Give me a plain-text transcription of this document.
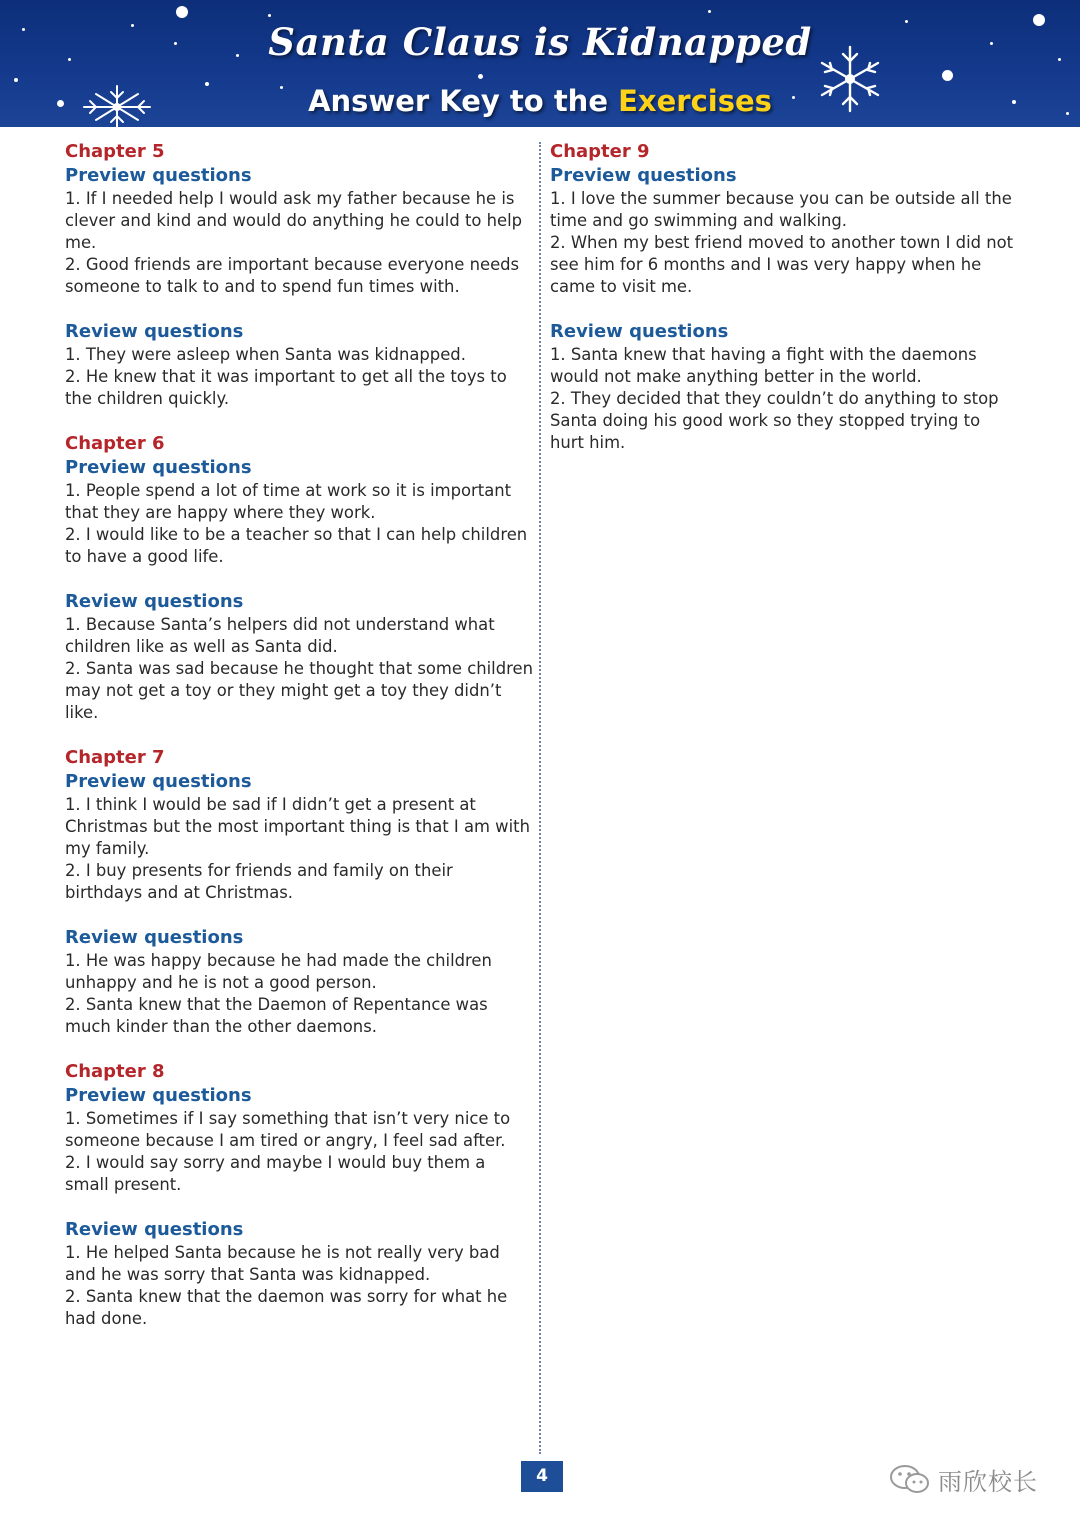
Santa Claus is Kidnapped
Answer Key to the Exercises
Chapter 5
Preview questions

1. If I needed help I would ask my father because he is clever and kind and would do anything he could to help me.

2. Good friends are important because everyone needs someone to talk to and to spend fun times with.

Review questions

1. They were asleep when Santa was kidnapped.

2. He knew that it was important to get all the toys to the children quickly.

Chapter 6
Preview questions

1. People spend a lot of time at work so it is important that they are happy where they work.

2. I would like to be a teacher so that I can help children to have a good life.

Review questions

1. Because Santa’s helpers did not understand what children like as well as Santa did.

2. Santa was sad because he thought that some children may not get a toy or they might get a toy they didn’t like.

Chapter 7
Preview questions

1. I think I would be sad if I didn’t get a present at Christmas but the most important thing is that I am with my family.

2. I buy presents for friends and family on their birthdays and at Christmas.

Review questions

1. He was happy because he had made the children unhappy and he is not a good person.

2. Santa knew that the Daemon of Repentance was much kinder than the other daemons.

Chapter 8
Preview questions

1. Sometimes if I say something that isn’t very nice to someone because I am tired or angry, I feel sad after.

2. I would say sorry and maybe I would buy them a small present.

Review questions

1. He helped Santa because he is not really very bad and he was sorry that Santa was kidnapped.

2. Santa knew that the daemon was sorry for what he had done.

Chapter 9
Preview questions

1. I love the summer because you can be outside all the time and go swimming and walking.

2. When my best friend moved to another town I did not see him for 6 months and I was very happy when he came to visit me.

Review questions

1. Santa knew that having a fight with the daemons would not make anything better in the world.

2. They decided that they couldn’t do anything to stop Santa doing his good work so they stopped trying to hurt him.

4	雨欣校长
